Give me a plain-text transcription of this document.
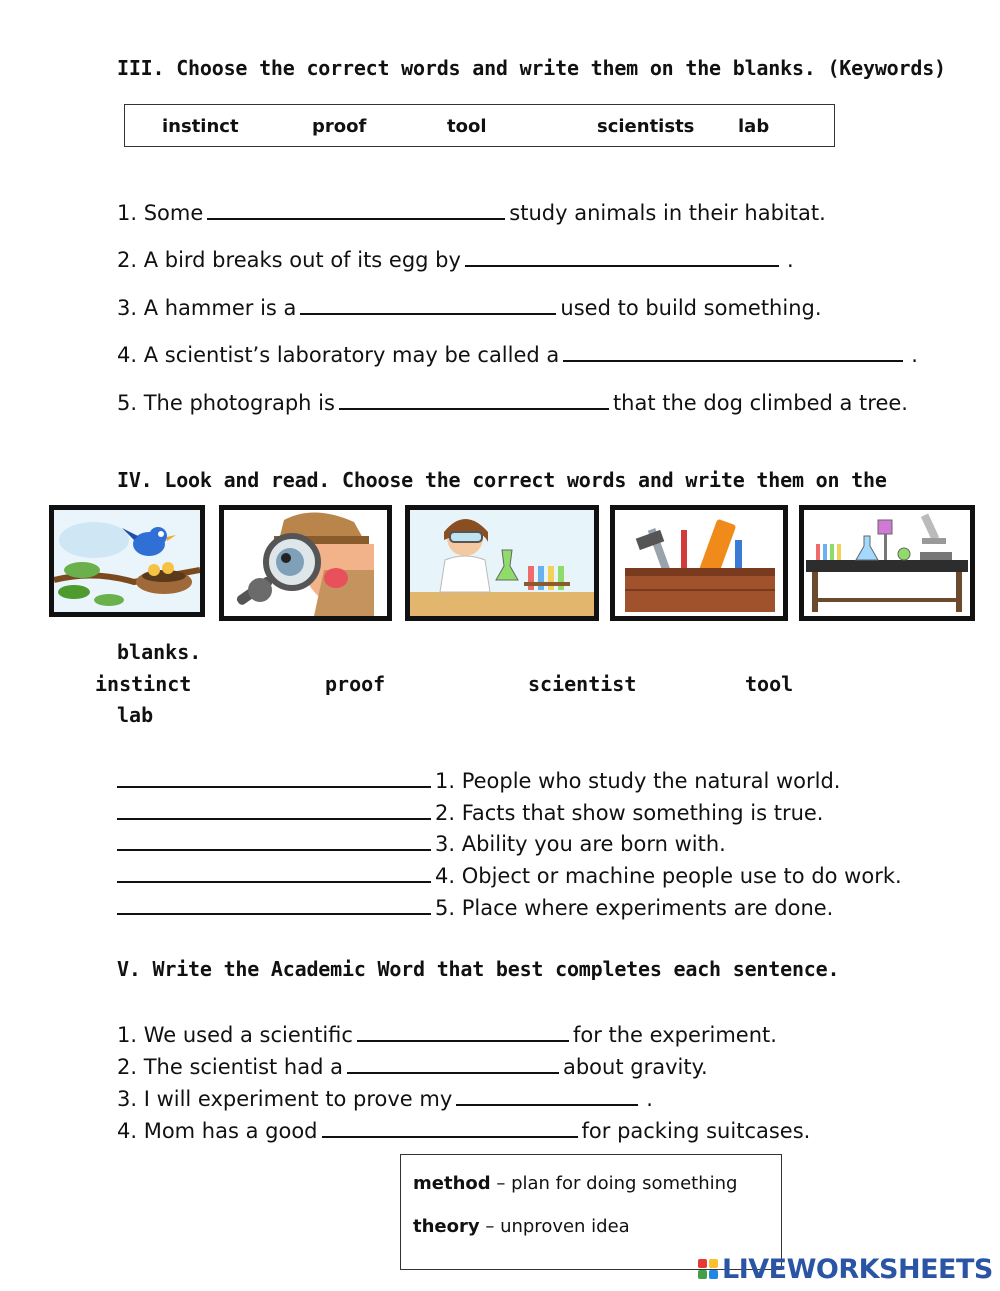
III. Choose the correct words and write them on the blanks. (Keywords)
instinct	proof	tool	scientists lab
1. Some	study animals in their habitat.
2. A bird breaks out of its egg by	.
3. A hammer is a	used to build something.
4. A scientist’s laboratory may be called a	.
5. The photograph is	that the dog climbed a tree.
IV. Look and read. Choose the correct words and write them on the
blanks.
instinct	proof	scientist	tool
lab
1. People who study the natural world.
2. Facts that show something is true.
3. Ability you are born with.
4. Object or machine people use to do work.
5. Place where experiments are done.
V. Write the Academic Word that best completes each sentence.
1. We used a scientific	for the experiment.
2. The scientist had a	about gravity.
3. I will experiment to prove my	.
4. Mom has a good	for packing suitcases.
method – plan for doing something
theory – unproven idea
LIVEWORKSHEETS
